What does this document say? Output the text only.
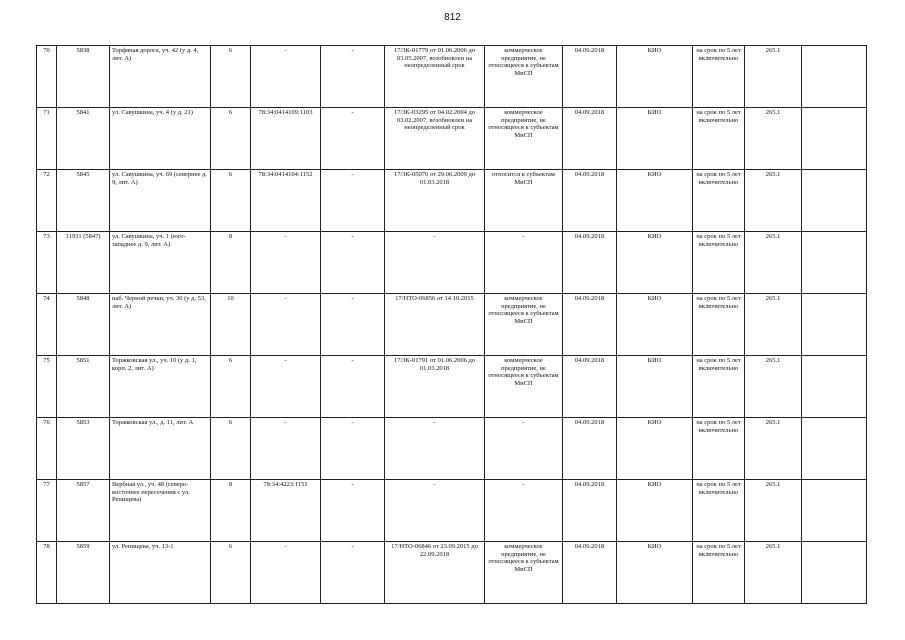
812
70	5838	Торфяная дорога, уч. 42 (у д. 4, лит. А)	6	-	-	17/ЗК-01779 от 01.06.2006 до 03.05.2007, возобновлен на неопределенный срок	коммерческое предприятие, не относящееся к субъектам МиСП	04.09.2018	КИО	на срок по 5 лет включительно	265.1	
71	5841	ул. Савушкина, уч. 4 (у д. 21)	6	78:34:0414109:1103	-	17/ЗК-03295 от 04.02.2004 до 03.02.2007, возобновлен на неопределенный срок	коммерческое предприятие, не относящееся к субъектам МиСП	04.09.2018	КИО	на срок по 5 лет включительно	265.1	
72	5845	ул. Савушкина, уч. 69 (севернее д. 9, лит. А)	6	78:34:0414104:1152	-	17/ЗК-05070 от 29.06.2009 до 01.03.2018	относится к субъектам МиСП	04.09.2018	КИО	на срок по 5 лет включительно	265.1	
73	31931 (5847)	ул. Савушкина, уч. 1 (юго-западнее д. 9, лит. А)	8	-	-	-	-	04.09.2018	КИО	на срок по 5 лет включительно	265.1	
74	5848	наб. Черной речки, уч. 30 (у д. 53, лит. А)	10	-	-	17/НТО-06856 от 14.10.2015	коммерческое предприятие, не относящееся к субъектам МиСП	04.09.2018	КИО	на срок по 5 лет включительно	265.1	
75	5851	Торжковская ул., уч. 10 (у д. 1, корп. 2, лит. А)	6	-	-	17/ЗК-01791 от 01.06.2006 до 01.03.2018	коммерческое предприятие, не относящееся к субъектам МиСП	04.09.2018	КИО	на срок по 5 лет включительно	265.1	
76	5853	Торжковская ул., д. 11, лит. А	6	-	-	-	-	04.09.2018	КИО	на срок по 5 лет включительно	265.1	
77	5857	Вербная ул., уч. 48 (северо-восточнее пересечения с ул. Репищева)	8	78:34:4223:1151	-	-	-	04.09.2018	КИО	на срок по 5 лет включительно	265.1	
78	5859	ул. Репищева, уч. 13-1	6	-	-	17/НТО-06846 от 23.09.2015 до 22.09.2018	коммерческое предприятие, не относящееся к субъектам МиСП	04.09.2018	КИО	на срок по 5 лет включительно	265.1	
